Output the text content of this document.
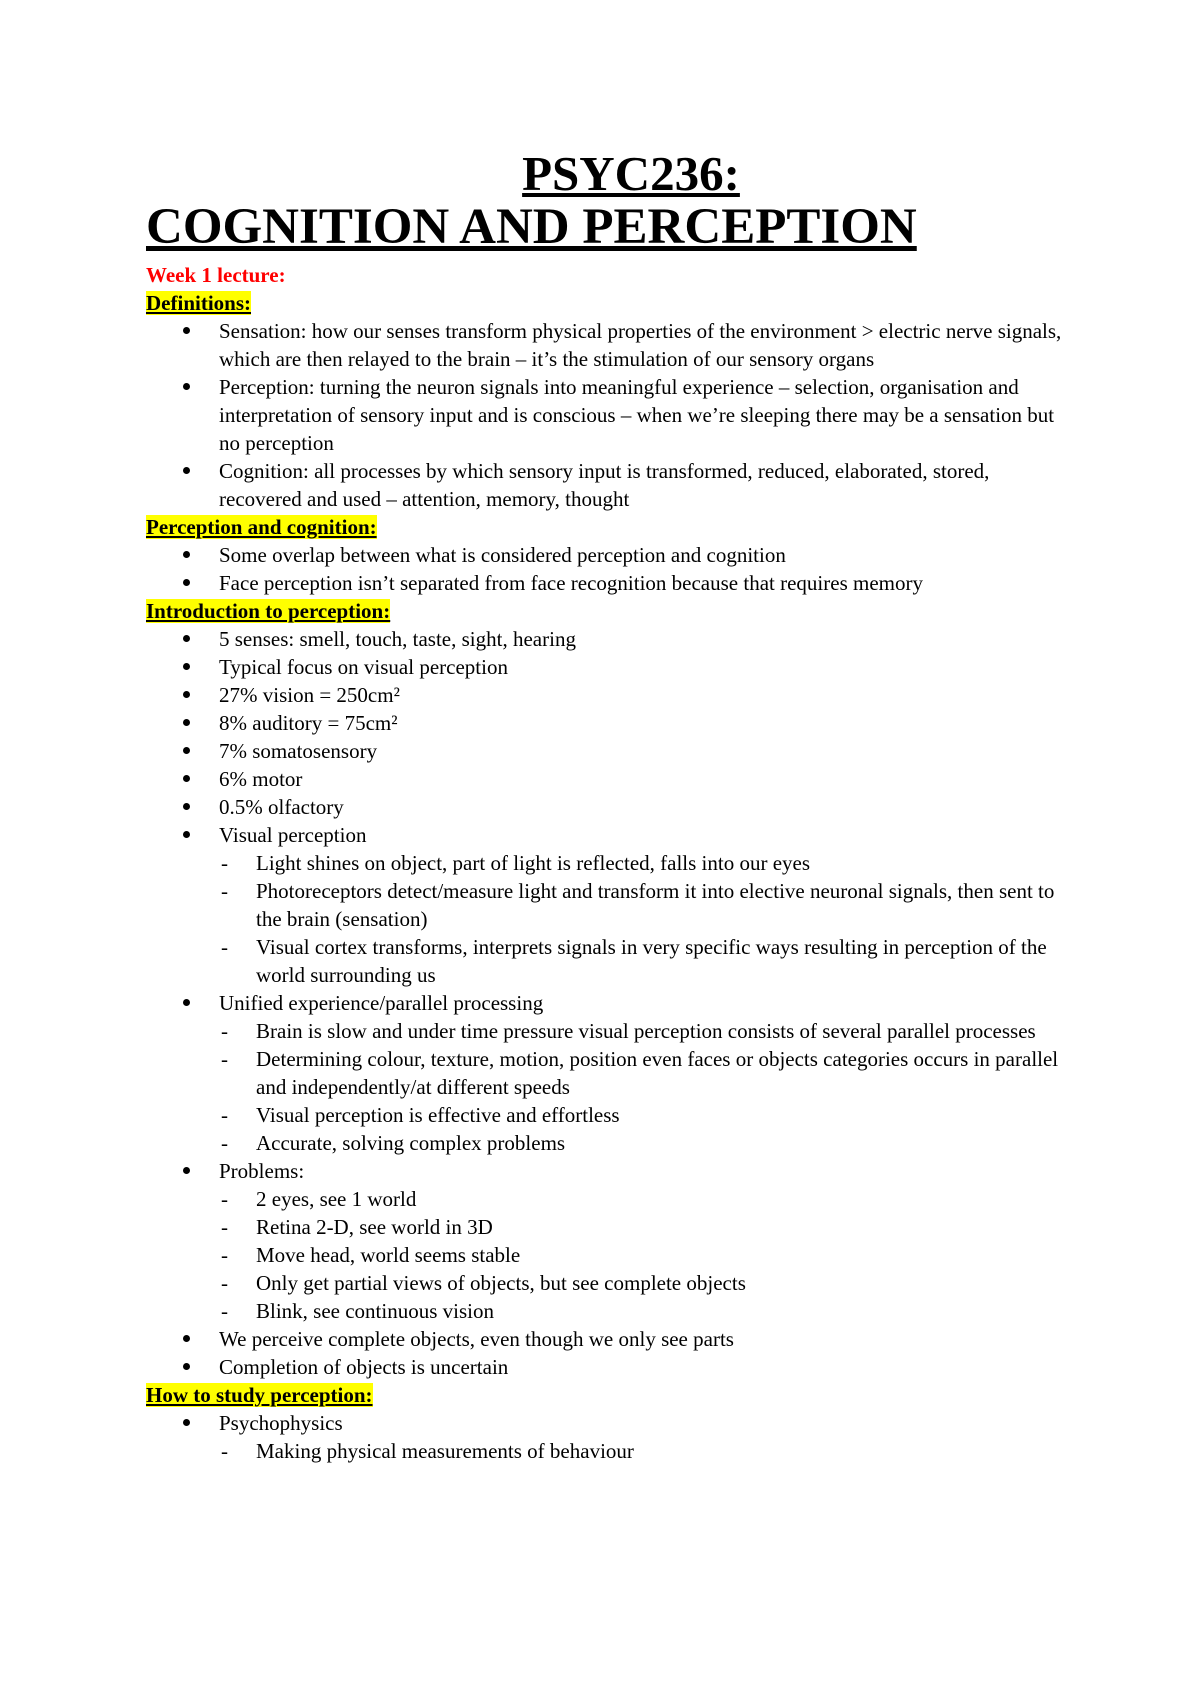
PSYC236:
COGNITION AND PERCEPTION
Week 1 lecture:
Definitions:
Sensation: how our senses transform physical properties of the environment > electric nerve signals, which are then relayed to the brain – it’s the stimulation of our sensory organs
Perception: turning the neuron signals into meaningful experience – selection, organisation and interpretation of sensory input and is conscious – when we’re sleeping there may be a sensation but no perception
Cognition: all processes by which sensory input is transformed, reduced, elaborated, stored, recovered and used – attention, memory, thought
Perception and cognition:
Some overlap between what is considered perception and cognition
Face perception isn’t separated from face recognition because that requires memory
Introduction to perception:
5 senses: smell, touch, taste, sight, hearing
Typical focus on visual perception
27% vision = 250cm²
8% auditory = 75cm²
7% somatosensory
6% motor
0.5% olfactory
Visual perception
- Light shines on object, part of light is reflected, falls into our eyes
- Photoreceptors detect/measure light and transform it into elective neuronal signals, then sent to the brain (sensation)
- Visual cortex transforms, interprets signals in very specific ways resulting in perception of the world surrounding us
Unified experience/parallel processing
- Brain is slow and under time pressure visual perception consists of several parallel processes
- Determining colour, texture, motion, position even faces or objects categories occurs in parallel and independently/at different speeds
- Visual perception is effective and effortless
- Accurate, solving complex problems
Problems:
- 2 eyes, see 1 world
- Retina 2-D, see world in 3D
- Move head, world seems stable
- Only get partial views of objects, but see complete objects
- Blink, see continuous vision
We perceive complete objects, even though we only see parts
Completion of objects is uncertain
How to study perception:
Psychophysics
- Making physical measurements of behaviour
